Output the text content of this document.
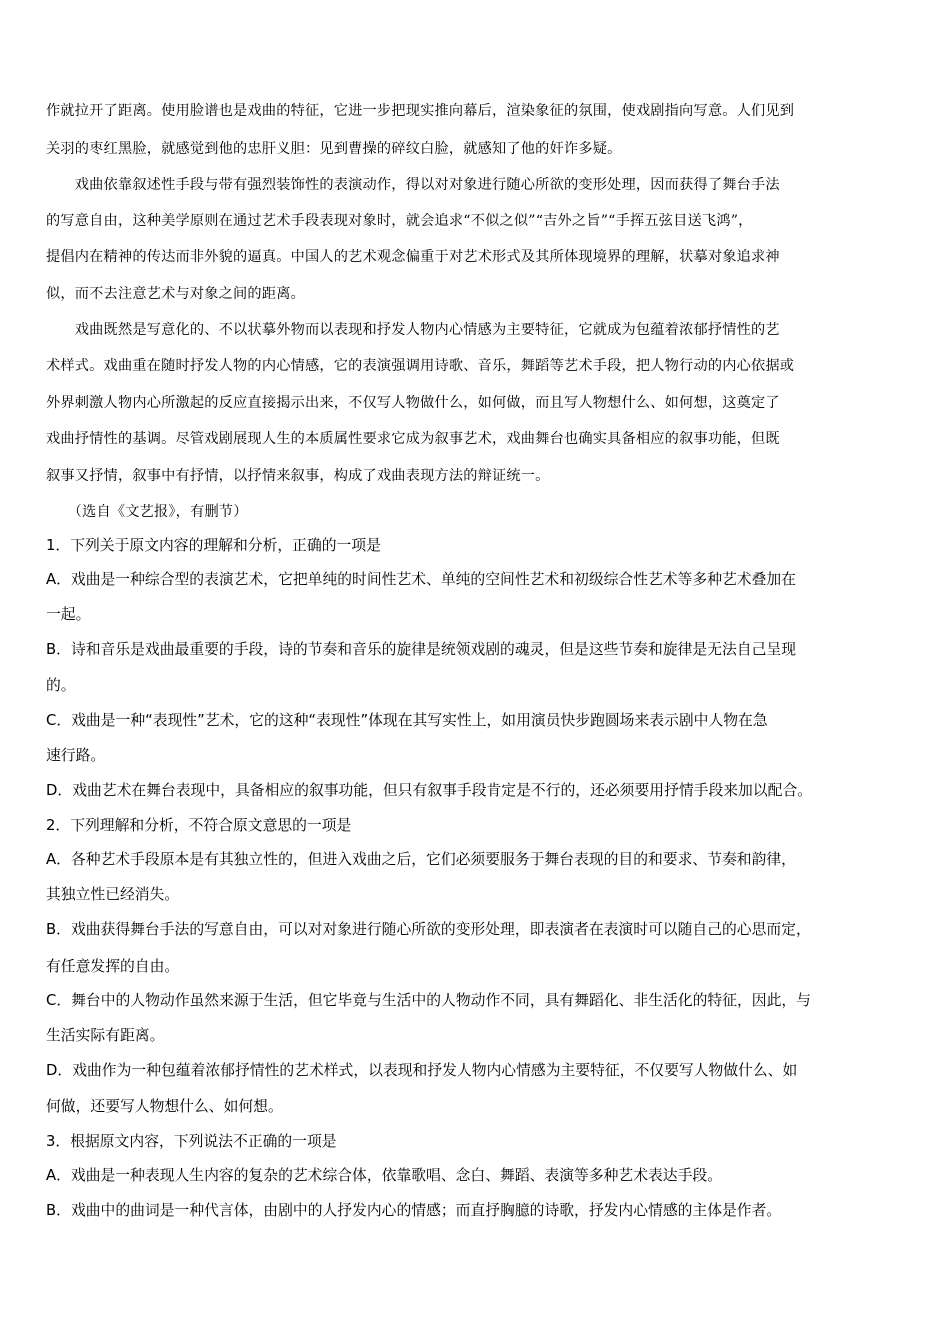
作就拉开了距离。使用脸谱也是戏曲的特征，它进一步把现实推向幕后，渲染象征的氛围，使戏剧指向写意。人们见到
关羽的枣红黑脸，就感觉到他的忠肝义胆：见到曹操的碎纹白脸，就感知了他的奸诈多疑。
　　戏曲依靠叙述性手段与带有强烈装饰性的表演动作，得以对对象进行随心所欲的变形处理，因而获得了舞台手法
的写意自由，这种美学原则在通过艺术手段表现对象时，就会追求“不似之似”“吉外之旨”“手挥五弦目送飞鸿”，
提倡内在精神的传达而非外貌的逼真。中国人的艺术观念偏重于对艺术形式及其所体现境界的理解，状摹对象追求神
似，而不去注意艺术与对象之间的距离。
　　戏曲既然是写意化的、不以状摹外物而以表现和抒发人物内心情感为主要特征，它就成为包蕴着浓郁抒情性的艺
术样式。戏曲重在随时抒发人物的内心情感，它的表演强调用诗歌、音乐，舞蹈等艺术手段，把人物行动的内心依据或
外界刺激人物内心所激起的反应直接揭示出来，不仅写人物做什么，如何做，而且写人物想什么、如何想，这奠定了
戏曲抒情性的基调。尽管戏剧展现人生的本质属性要求它成为叙事艺术，戏曲舞台也确实具备相应的叙事功能，但既
叙事又抒情，叙事中有抒情，以抒情来叙事，构成了戏曲表现方法的辩证统一。
　　（选自《文艺报》，有删节）
1．下列关于原文内容的理解和分析，正确的一项是
A．戏曲是一种综合型的表演艺术，它把单纯的时间性艺术、单纯的空间性艺术和初级综合性艺术等多种艺术叠加在
一起。
B．诗和音乐是戏曲最重要的手段，诗的节奏和音乐的旋律是统领戏剧的魂灵，但是这些节奏和旋律是无法自己呈现
的。
C．戏曲是一种“表现性”艺术，它的这种“表现性”体现在其写实性上，如用演员快步跑圆场来表示剧中人物在急
速行路。
D．戏曲艺术在舞台表现中，具备相应的叙事功能，但只有叙事手段肯定是不行的，还必须要用抒情手段来加以配合。
2．下列理解和分析，不符合原文意思的一项是
A．各种艺术手段原本是有其独立性的，但进入戏曲之后，它们必须要服务于舞台表现的目的和要求、节奏和韵律，
其独立性已经消失。
B．戏曲获得舞台手法的写意自由，可以对对象进行随心所欲的变形处理，即表演者在表演时可以随自己的心思而定，
有任意发挥的自由。
C．舞台中的人物动作虽然来源于生活，但它毕竟与生活中的人物动作不同，具有舞蹈化、非生活化的特征，因此，与
生活实际有距离。
D．戏曲作为一种包蕴着浓郁抒情性的艺术样式，以表现和抒发人物内心情感为主要特征，不仅要写人物做什么、如
何做，还要写人物想什么、如何想。
3．根据原文内容，下列说法不正确的一项是
A．戏曲是一种表现人生内容的复杂的艺术综合体，依靠歌唱、念白、舞蹈、表演等多种艺术表达手段。
B．戏曲中的曲词是一种代言体，由剧中的人抒发内心的情感；而直抒胸臆的诗歌，抒发内心情感的主体是作者。
